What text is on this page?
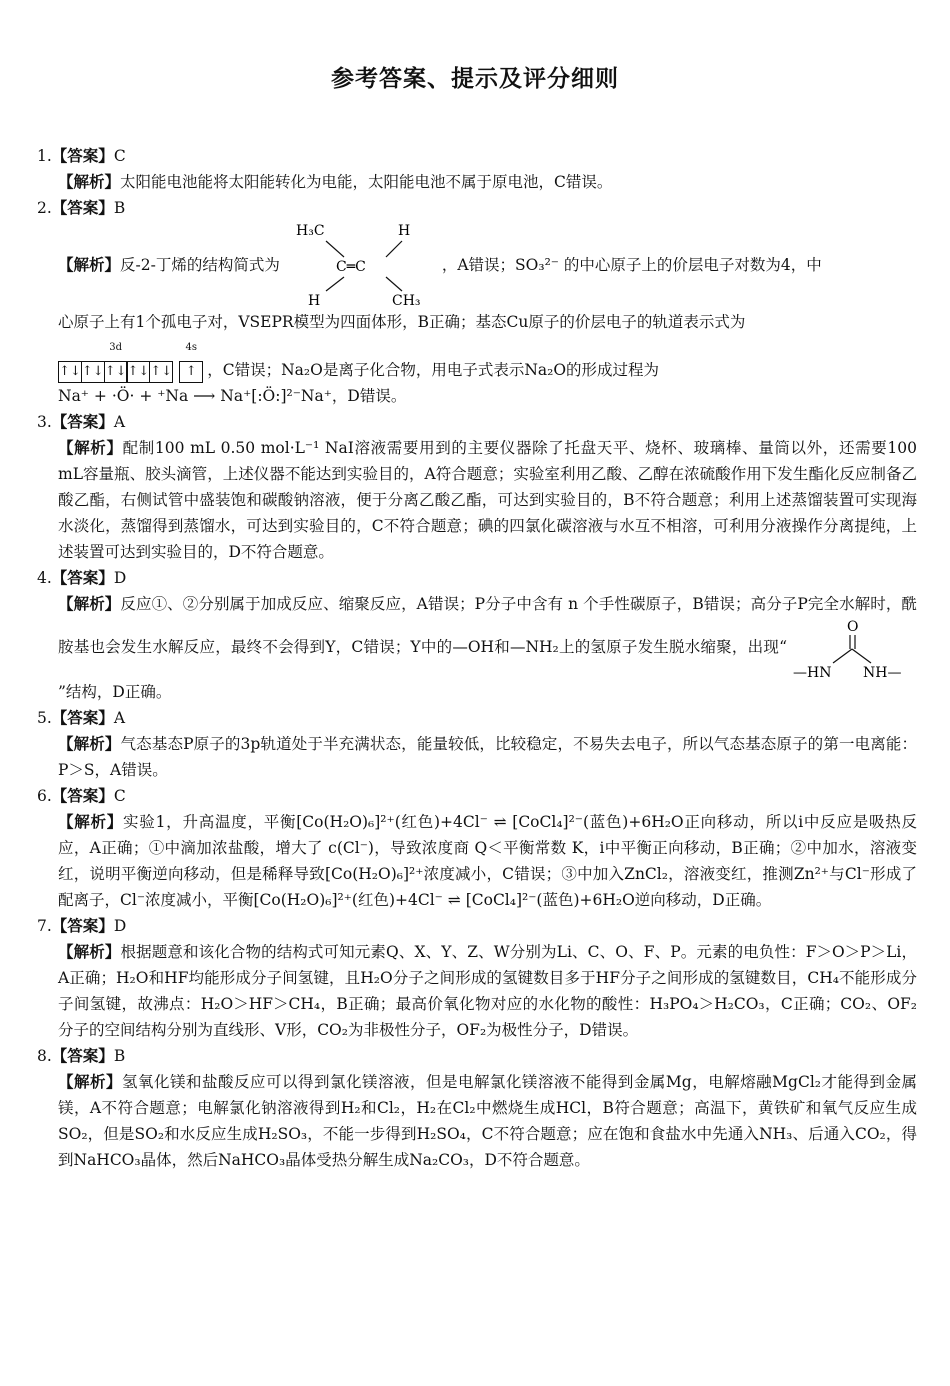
参考答案、提示及评分细则
1.【答案】C
【解析】太阳能电池能将太阳能转化为电能，太阳能电池不属于原电池，C错误。
2.【答案】B
【解析】 反-2-丁烯的结构简式为
H₃C	H
C═C
H	CH₃
，A错误；SO₃²⁻ 的中心原子上的价层电子对数为4，中
心原子上有1个孤电子对，VSEPR模型为四面体形，B正确；基态Cu原子的价层电子的轨道表示式为
3d
↑↓ ↑↓ ↑↓ ↑↓ ↑↓
4s
↑ ，C错误；Na₂O是离子化合物，用电子式表示Na₂O的形成过程为
Na⁺ + ·Ö· + ⁺Na ⟶ Na⁺[:Ö:]²⁻Na⁺，D错误。
3.【答案】A
【解析】配制100 mL 0.50 mol·L⁻¹ NaI溶液需要用到的主要仪器除了托盘天平、烧杯、玻璃棒、量筒以外，还需要100 mL容量瓶、胶头滴管，上述仪器不能达到实验目的，A符合题意；实验室利用乙酸、乙醇在浓硫酸作用下发生酯化反应制备乙酸乙酯，右侧试管中盛装饱和碳酸钠溶液，便于分离乙酸乙酯，可达到实验目的，B不符合题意；利用上述蒸馏装置可实现海水淡化，蒸馏得到蒸馏水，可达到实验目的，C不符合题意；碘的四氯化碳溶液与水互不相溶，可利用分液操作分离提纯，上述装置可达到实验目的，D不符合题意。
4.【答案】D
【解析】反应①、②分别属于加成反应、缩聚反应，A错误；P分子中含有 n 个手性碳原子，B错误；高分子P完全水解时，酰胺基也会发生水解反应，最终不会得到Y，C错误；Y中的—OH和—NH₂上的氢原子发生脱水缩聚，出现“
O
—HN NH—
”结构，D正确。
5.【答案】A
【解析】气态基态P原子的3p轨道处于半充满状态，能量较低，比较稳定，不易失去电子，所以气态基态原子的第一电离能：P＞S，A错误。
6.【答案】C
【解析】实验1，升高温度，平衡[Co(H₂O)₆]²⁺(红色)+4Cl⁻ ⇌ [CoCl₄]²⁻(蓝色)+6H₂O正向移动，所以ⅰ中反应是吸热反应，A正确；①中滴加浓盐酸，增大了 c(Cl⁻)，导致浓度商 Q＜平衡常数 K，ⅰ中平衡正向移动，B正确；②中加水，溶液变红，说明平衡逆向移动，但是稀释导致[Co(H₂O)₆]²⁺浓度减小，C错误；③中加入ZnCl₂，溶液变红，推测Zn²⁺与Cl⁻形成了配离子，Cl⁻浓度减小，平衡[Co(H₂O)₆]²⁺(红色)+4Cl⁻ ⇌ [CoCl₄]²⁻(蓝色)+6H₂O逆向移动，D正确。
7.【答案】D
【解析】根据题意和该化合物的结构式可知元素Q、X、Y、Z、W分别为Li、C、O、F、P。元素的电负性：F＞O＞P＞Li，A正确；H₂O和HF均能形成分子间氢键，且H₂O分子之间形成的氢键数目多于HF分子之间形成的氢键数目，CH₄不能形成分子间氢键，故沸点：H₂O＞HF＞CH₄，B正确；最高价氧化物对应的水化物的酸性：H₃PO₄＞H₂CO₃，C正确；CO₂、OF₂分子的空间结构分别为直线形、V形，CO₂为非极性分子，OF₂为极性分子，D错误。
8.【答案】B
【解析】氢氧化镁和盐酸反应可以得到氯化镁溶液，但是电解氯化镁溶液不能得到金属Mg，电解熔融MgCl₂才能得到金属镁，A不符合题意；电解氯化钠溶液得到H₂和Cl₂，H₂在Cl₂中燃烧生成HCl，B符合题意；高温下，黄铁矿和氧气反应生成SO₂，但是SO₂和水反应生成H₂SO₃，不能一步得到H₂SO₄，C不符合题意；应在饱和食盐水中先通入NH₃、后通入CO₂，得到NaHCO₃晶体，然后NaHCO₃晶体受热分解生成Na₂CO₃，D不符合题意。
